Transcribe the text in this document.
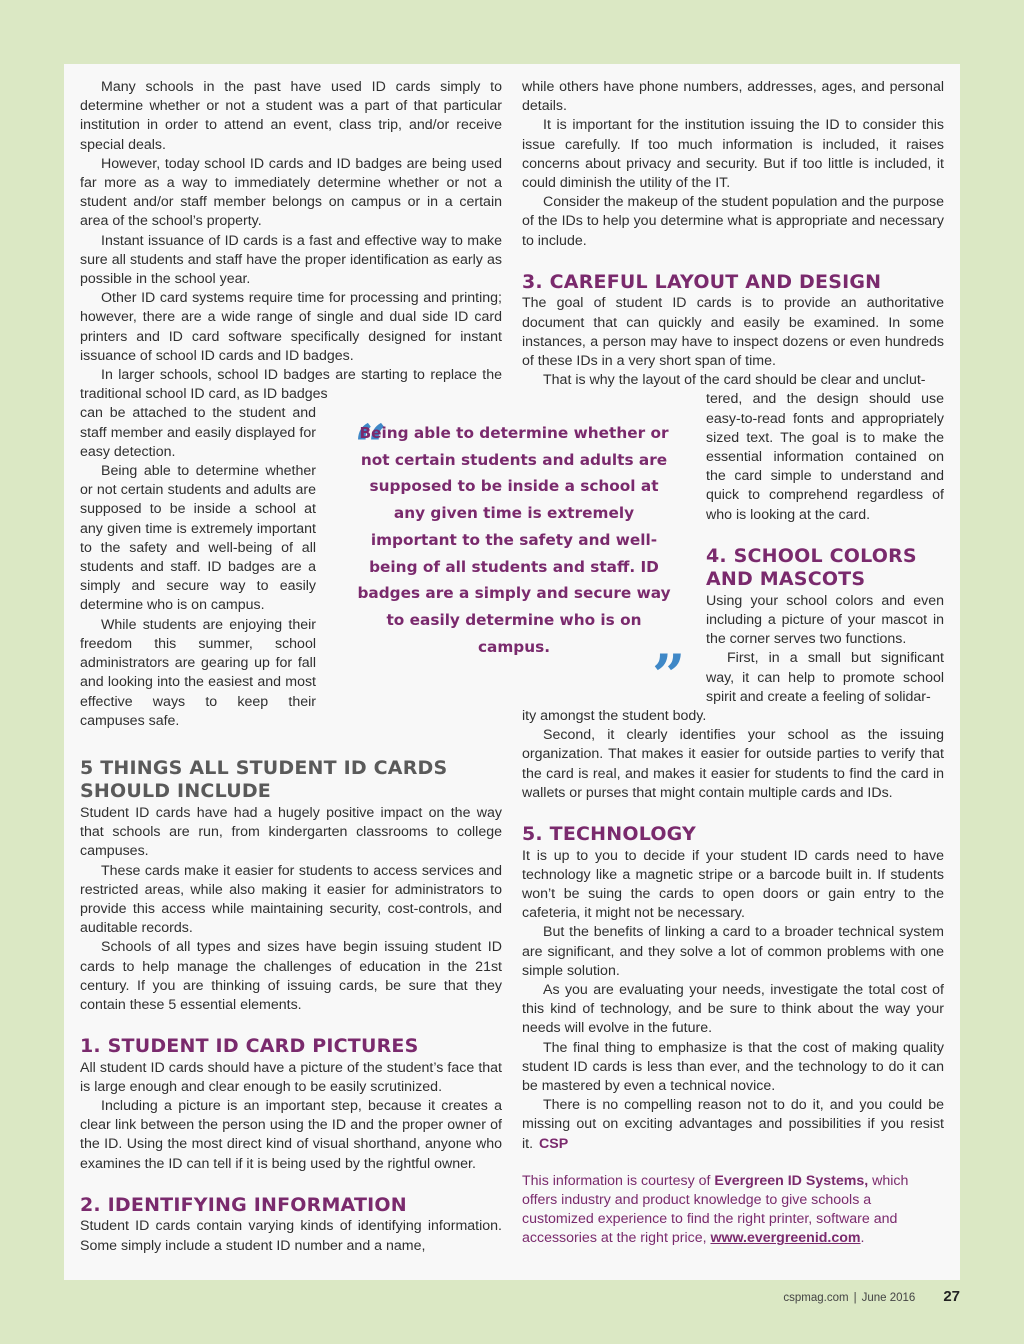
Many schools in the past have used ID cards simply to determine whether or not a student was a part of that particular institution in order to attend an event, class trip, and/or receive special deals.

However, today school ID cards and ID badges are being used far more as a way to immediately determine whether or not a student and/or staff member belongs on campus or in a certain area of the school’s property.

Instant issuance of ID cards is a fast and effective way to make sure all students and staff have the proper identification as early as possible in the school year.

Other ID card systems require time for processing and printing; however, there are a wide range of single and dual side ID card printers and ID card software specifically designed for instant issuance of school ID cards and ID badges.

In larger schools, school ID badges are starting to replace the traditional school ID card, as ID badges

can be attached to the student and staff member and easily displayed for easy detection.

Being able to determine whether or not certain students and adults are supposed to be inside a school at any given time is extremely important to the safety and well-being of all students and staff. ID badges are a simply and secure way to easily determine who is on campus.

While students are enjoying their freedom this summer, school administrators are gearing up for fall and looking into the easiest and most effective ways to keep their campuses safe.

5 THINGS ALL STUDENT ID CARDS SHOULD INCLUDE

Student ID cards have had a hugely positive impact on the way that schools are run, from kindergarten classrooms to college campuses.

These cards make it easier for students to access services and restricted areas, while also making it easier for administrators to provide this access while maintaining security, cost-controls, and auditable records.

Schools of all types and sizes have begin issuing student ID cards to help manage the challenges of education in the 21st century. If you are thinking of issuing cards, be sure that they contain these 5 essential elements.

1. STUDENT ID CARD PICTURES

All student ID cards should have a picture of the student’s face that is large enough and clear enough to be easily scrutinized.

Including a picture is an important step, because it creates a clear link between the person using the ID and the proper owner of the ID. Using the most direct kind of visual shorthand, anyone who examines the ID can tell if it is being used by the rightful owner.

2. IDENTIFYING INFORMATION

Student ID cards contain varying kinds of identifying information. Some simply include a student ID number and a name,

while others have phone numbers, addresses, ages, and personal details.

It is important for the institution issuing the ID to consider this issue carefully. If too much information is included, it raises concerns about privacy and security. But if too little is included, it could diminish the utility of the IT.

Consider the makeup of the student population and the purpose of the IDs to help you determine what is appropriate and necessary to include.

3. CAREFUL LAYOUT AND DESIGN

The goal of student ID cards is to provide an authoritative document that can quickly and easily be examined. In some instances, a person may have to inspect dozens or even hundreds of these IDs in a very short span of time.

That is why the layout of the card should be clear and unclut-

tered, and the design should use easy-to-read fonts and appropriately sized text. The goal is to make the essential information contained on the card simple to understand and quick to comprehend regardless of who is looking at the card.

4. SCHOOL COLORS AND MASCOTS

Using your school colors and even including a picture of your mascot in the corner serves two functions.

First, in a small but significant way, it can help to promote school spirit and create a feeling of solidar-

ity amongst the student body.

Second, it clearly identifies your school as the issuing organization. That makes it easier for outside parties to verify that the card is real, and makes it easier for students to find the card in wallets or purses that might contain multiple cards and IDs.

5. TECHNOLOGY

It is up to you to decide if your student ID cards need to have technology like a magnetic stripe or a barcode built in. If students won’t be suing the cards to open doors or gain entry to the cafeteria, it might not be necessary.

But the benefits of linking a card to a broader technical system are significant, and they solve a lot of common problems with one simple solution.

As you are evaluating your needs, investigate the total cost of this kind of technology, and be sure to think about the way your needs will evolve in the future.

The final thing to emphasize is that the cost of making quality student ID cards is less than ever, and the technology to do it can be mastered by even a technical novice.

There is no compelling reason not to do it, and you could be missing out on exciting advantages and possibilities if you resist it. CSP

This information is courtesy of Evergreen ID Systems, which offers industry and product knowledge to give schools a customized experience to find the right printer, software and accessories at the right price, www.evergreenid.com.
“
Being able to determine whether or not certain students and adults are supposed to be inside a school at any given time is extremely important to the safety and well-being of all students and staff. ID badges are a simply and secure way to easily determine who is on campus.	”
cspmag.com | June 2016 27
